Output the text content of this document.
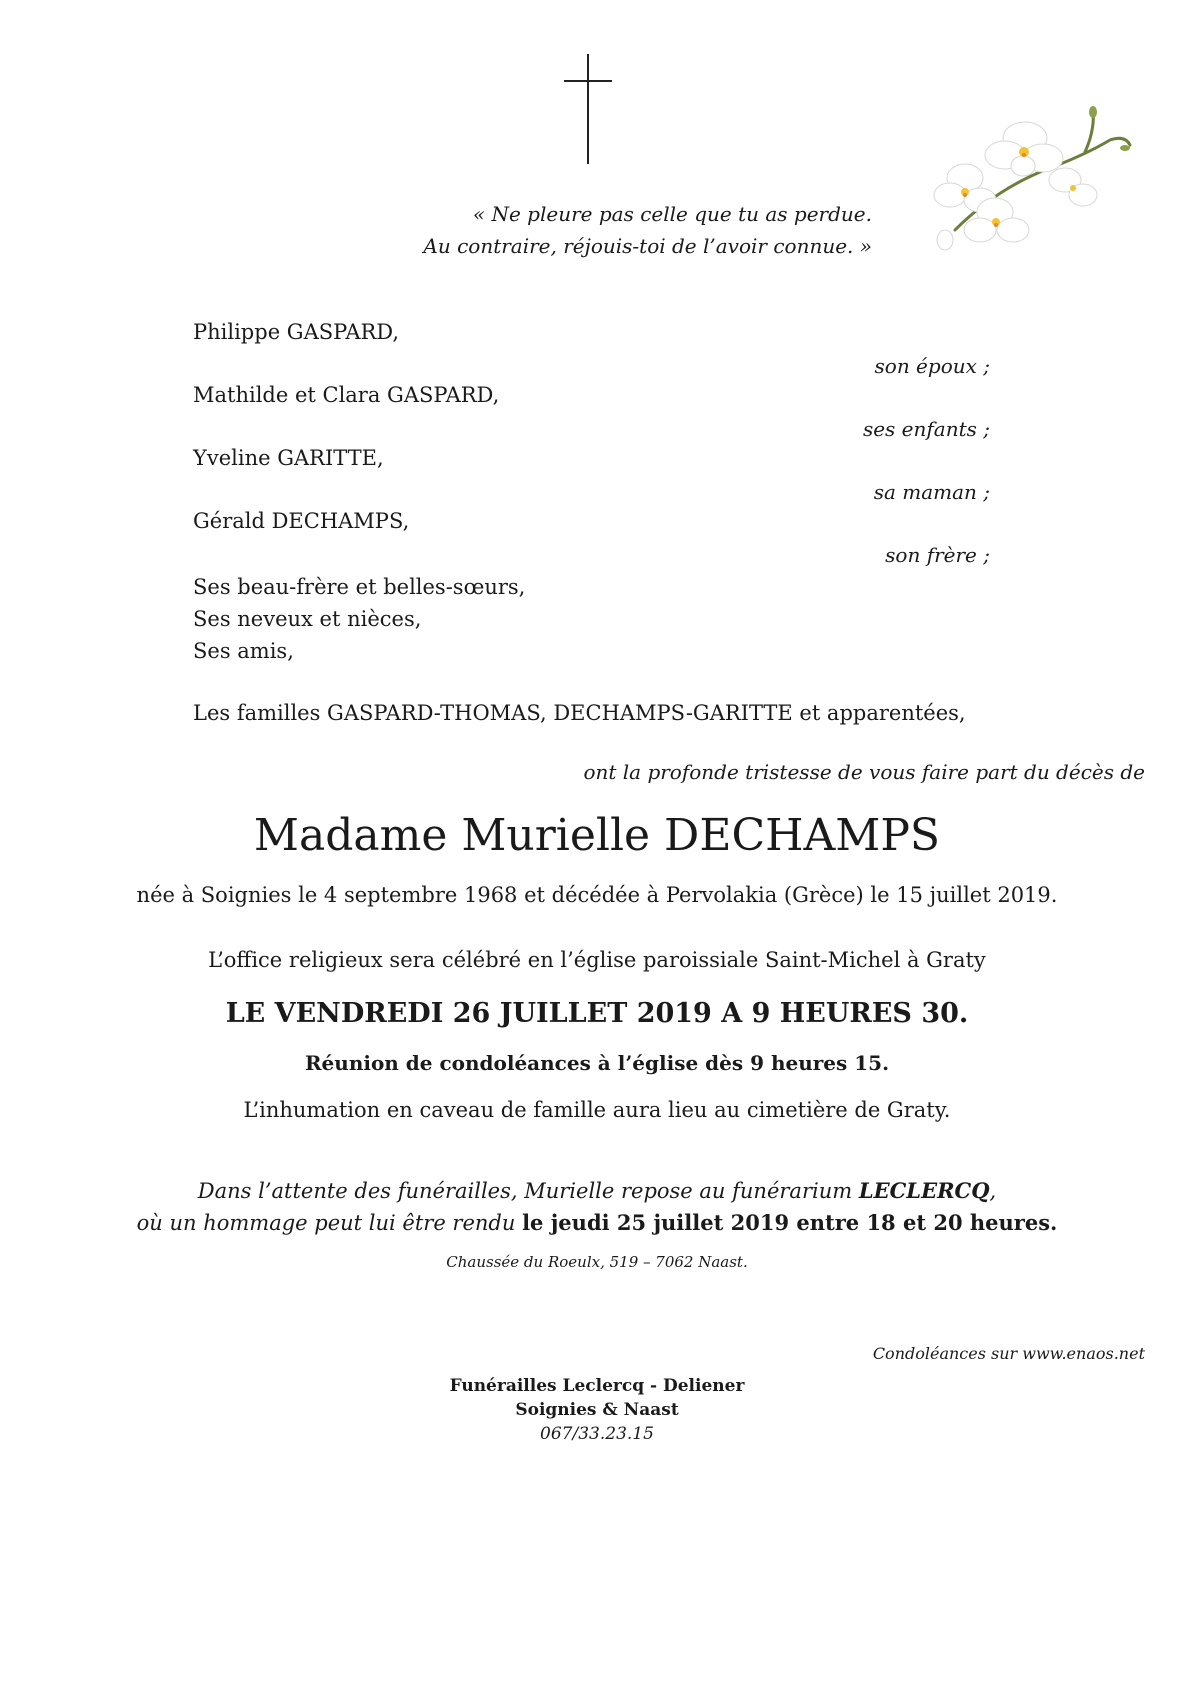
« Ne pleure pas celle que tu as perdue.
Au contraire, réjouis-toi de l’avoir connue. »
Philippe GASPARD,
son époux ;
Mathilde et Clara GASPARD,
ses enfants ;
Yveline GARITTE,
sa maman ;
Gérald DECHAMPS,
son frère ;
Ses beau-frère et belles-sœurs,
Ses neveux et nièces,
Ses amis,
Les familles GASPARD-THOMAS, DECHAMPS-GARITTE et apparentées,
ont la profonde tristesse de vous faire part du décès de
Madame Murielle DECHAMPS
née à Soignies le 4 septembre 1968 et décédée à Pervolakia (Grèce) le 15 juillet 2019.
L’office religieux sera célébré en l’église paroissiale Saint-Michel à Graty
LE VENDREDI 26 JUILLET 2019 A 9 HEURES 30.
Réunion de condoléances à l’église dès 9 heures 15.
L’inhumation en caveau de famille aura lieu au cimetière de Graty.
Dans l’attente des funérailles, Murielle repose au funérarium LECLERCQ,
où un hommage peut lui être rendu le jeudi 25 juillet 2019 entre 18 et 20 heures.
Chaussée du Roeulx, 519 – 7062 Naast.
Condoléances sur www.enaos.net
Funérailles Leclercq - Deliener
Soignies & Naast
067/33.23.15
